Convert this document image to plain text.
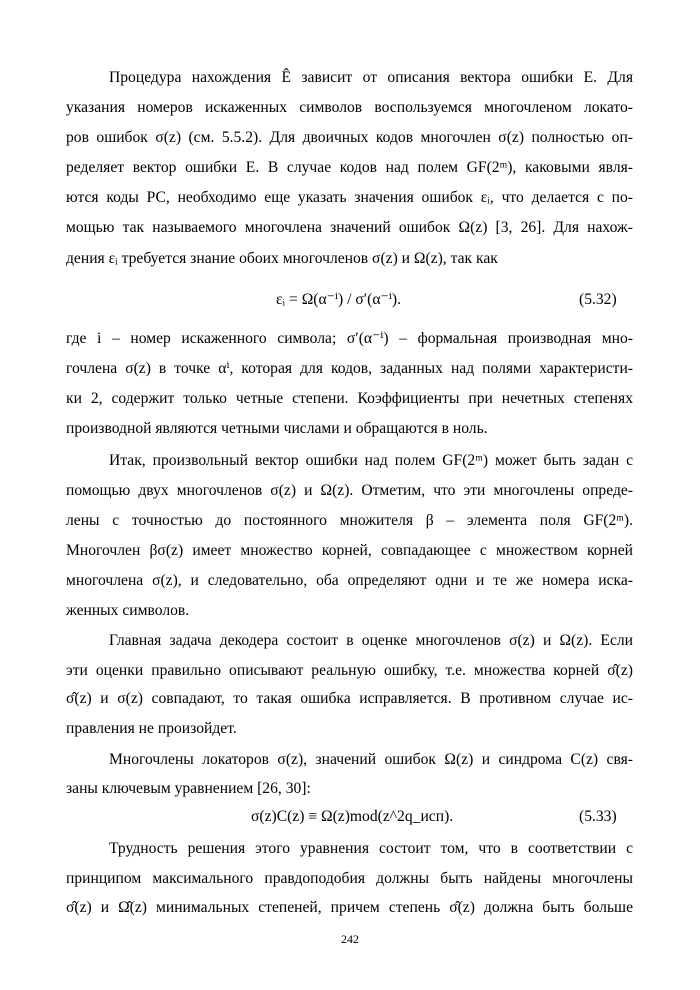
Процедура нахождения Ê зависит от описания вектора ошибки E. Для
указания номеров искаженных символов воспользуемся многочленом локато-
ров ошибок σ(z) (см. 5.5.2). Для двоичных кодов многочлен σ(z) полностью оп-
ределяет вектор ошибки E. В случае кодов над полем GF(2ᵐ), каковыми явля-
ются коды РС, необходимо еще указать значения ошибок εᵢ, что делается с по-
мощью так называемого многочлена значений ошибок Ω(z) [3, 26]. Для нахож-
дения εᵢ требуется знание обоих многочленов σ(z) и Ω(z), так как
εᵢ = Ω(α⁻ⁱ) / σ′(α⁻ⁱ).	(5.32)
где i – номер искаженного символа; σ′(α⁻ⁱ) – формальная производная мно-
гочлена σ(z) в точке αⁱ, которая для кодов, заданных над полями характеристи-
ки 2, содержит только четные степени. Коэффициенты при нечетных степенях
производной являются четными числами и обращаются в ноль.
Итак, произвольный вектор ошибки над полем GF(2ᵐ) может быть задан с
помощью двух многочленов σ(z) и Ω(z). Отметим, что эти многочлены опреде-
лены с точностью до постоянного множителя β – элемента поля GF(2ᵐ).
Многочлен βσ(z) имеет множество корней, совпадающее с множеством корней
многочлена σ(z), и следовательно, оба определяют одни и те же номера иска-
женных символов.
Главная задача декодера состоит в оценке многочленов σ(z) и Ω(z). Если
эти оценки правильно описывают реальную ошибку, т.е. множества корней σ̂(z)
σ̂(z) и σ(z) совпадают, то такая ошибка исправляется. В противном случае ис-
правления не произойдет.
Многочлены локаторов σ(z), значений ошибок Ω(z) и синдрома C(z) свя-
заны ключевым уравнением [26, 30]:
σ(z)C(z) ≡ Ω(z)mod(z^2q_исп).	(5.33)
Трудность решения этого уравнения состоит том, что в соответствии с
принципом максимального правдоподобия должны быть найдены многочлены
σ̂(z) и Ω̂(z) минимальных степеней, причем степень σ̂(z) должна быть больше
242
